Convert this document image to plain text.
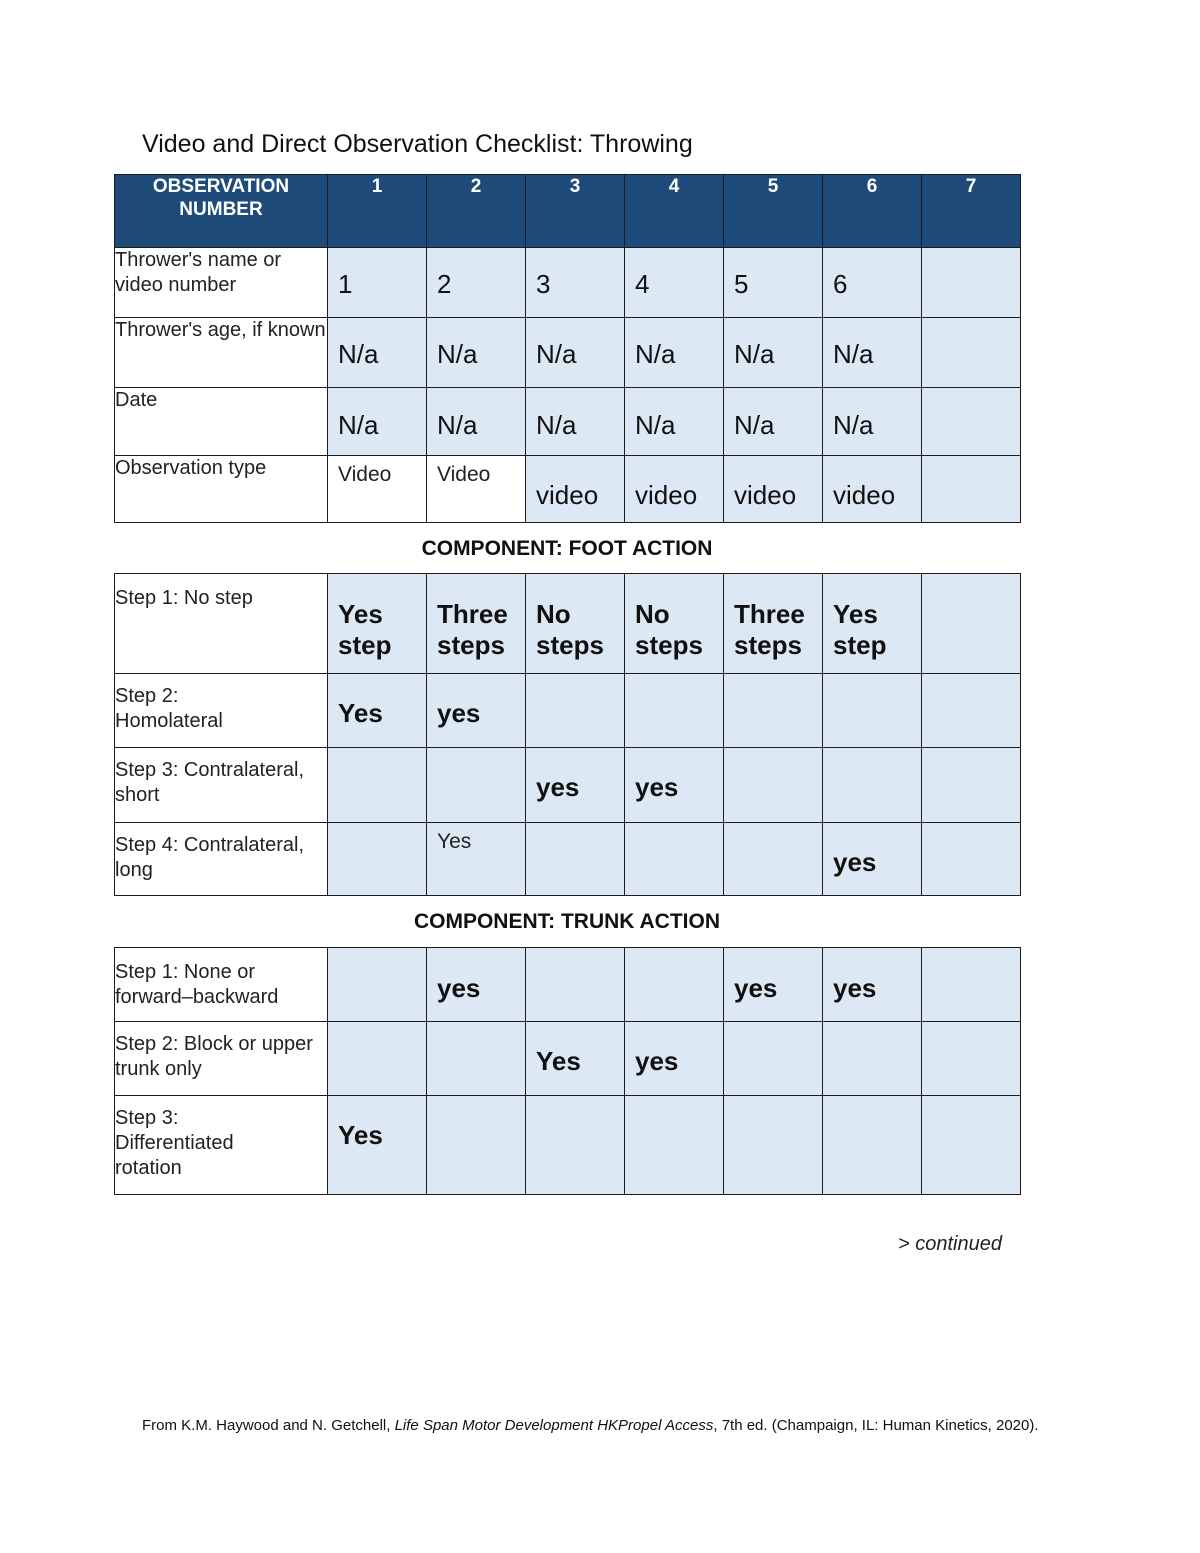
Video and Direct Observation Checklist: Throwing
OBSERVATION NUMBER	1	2	3	4	5	6	7
Thrower's name or video number	1	2	3	4	5	6	

Thrower's age, if known	N/a	N/a	N/a	N/a	N/a	N/a	

Date	N/a	N/a	N/a	N/a	N/a	N/a	

Observation type	Video	Video	video	video	video	video	

COMPONENT: FOOT ACTION
Step 1: No step	Yes step	Three steps	No steps	No steps	Three steps	Yes step	

Step 2: Homolateral	Yes	yes					

Step 3: Contralateral, short			yes	yes			

Step 4: Contralateral, long		Yes				yes	

COMPONENT: TRUNK ACTION
Step 1: None or forward–backward		yes			yes	yes	

Step 2: Block or upper trunk only			Yes	yes			

Step 3: Differentiated rotation	Yes						

> continued
From K.M. Haywood and N. Getchell, Life Span Motor Development HKPropel Access, 7th ed. (Champaign, IL: Human Kinetics, 2020).
